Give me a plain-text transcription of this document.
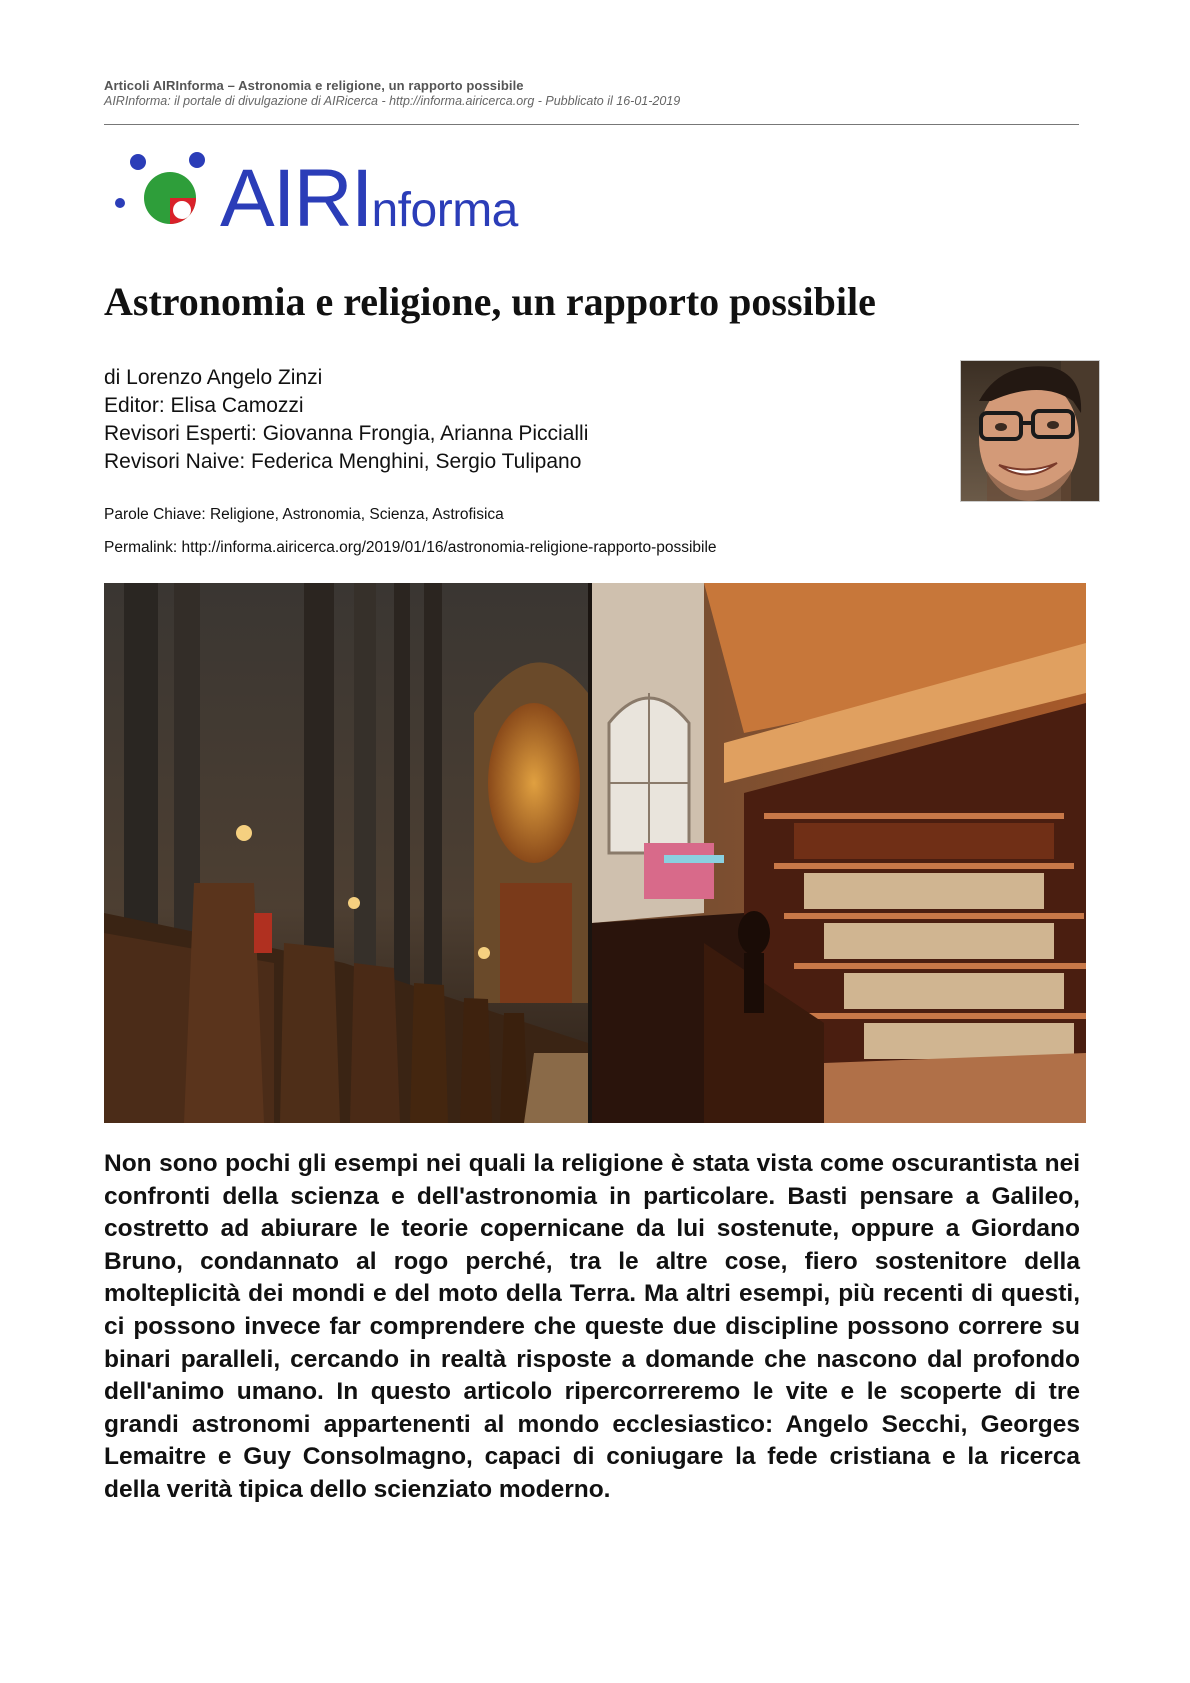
Articoli AIRInforma – Astronomia e religione, un rapporto possibile
AIRInforma: il portale di divulgazione di AIRicerca - http://informa.airicerca.org - Pubblicato il 16-01-2019
AIRInforma
Astronomia e religione, un rapporto possibile
di Lorenzo Angelo Zinzi
Editor: Elisa Camozzi
Revisori Esperti: Giovanna Frongia, Arianna Piccialli
Revisori Naive: Federica Menghini, Sergio Tulipano
Parole Chiave: Religione, Astronomia, Scienza, Astrofisica
Permalink: http://informa.airicerca.org/2019/01/16/astronomia-religione-rapporto-possibile

Non sono pochi gli esempi nei quali la religione è stata vista come oscurantista nei confronti della scienza e dell'astronomia in particolare. Basti pensare a Galileo, costretto ad abiurare le teorie copernicane da lui sostenute, oppure a Giordano Bruno, condannato al rogo perché, tra le altre cose, fiero sostenitore della molteplicità dei mondi e del moto della Terra. Ma altri esempi, più recenti di questi, ci possono invece far comprendere che queste due discipline possono correre su binari paralleli, cercando in realtà risposte a domande che nascono dal profondo dell'animo umano. In questo articolo ripercorreremo le vite e le scoperte di tre grandi astronomi appartenenti al mondo ecclesiastico: Angelo Secchi, Georges Lemaitre e Guy Consolmagno, capaci di coniugare la fede cristiana e la ricerca della verità tipica dello scienziato moderno.
